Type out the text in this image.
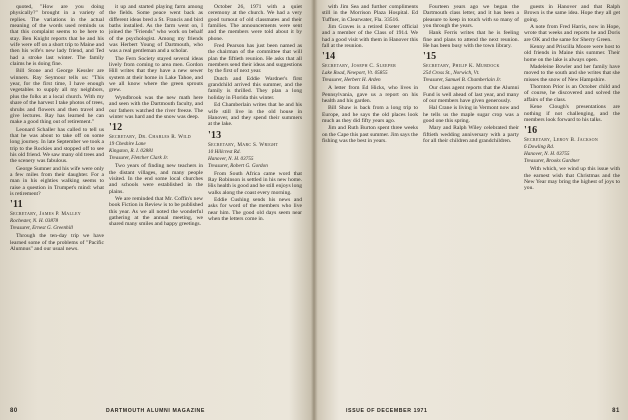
quoted, "How are you doing physically?" brought in a variety of replies. The variations in the actual meaning of the words used reminds us that this complaint seems to be here to stay. Ben Knight reports that he and his wife were off on a short trip to Maine and then his wife's new lady friend, and Ted had a stroke last winter. The family claims he is doing fine.

Bill Stone and George Kessler are winners. Ray Seymour tells us: "This year, for the first time, I have enough vegetables to supply all my neighbors, plus the folks at a local church. With my share of the harvest I take photos of trees, shrubs and flowers and then travel and give lectures. Ray has learned he can make a good thing out of retirement."

Leonard Schaller has called to tell us that he was about to take off on some long journey. In late September we took a trip to the Rockies and stopped off to see his old friend. We saw many old trees and the scenery was fabulous.

George Sumner and his wife were only a few miles from their daughter. For a man in his eighties walking seems to raise a question in Trumpet's mind: what is retirement?

'11
Secretary, James P. Malley
Rochester, N. H. 03878
Treasurer, Ernest G. Greenhill

Through the ten-day trip we have learned some of the problems of "Pacific Alumnus" and our usual news.

it up and started playing farm among the fields. Some peace went back as different ideas bred a St. Francis and bird baths installed. As the farm went on, I joined the "Friends" who work on behalf of the psychologist. Among my friends was Herbert Young of Dartmouth, who was a real gentleman and a scholar.

The Fern Society stayed several ideas lively from coming to area men. Gordon Hill writes that they have a new sewer system at their home in Lake Tahoe, and we all know where the green sprouts grew.

Wyndbrook was the new math here and seen with the Dartmouth faculty, and our fathers watched the river freeze. The winter was hard and the snow was deep.

'12
Secretary, Dr. Charles R. Wild
19 Cheshire Lane
Kingston, R. I. 02881
Treasurer, Fletcher Clark Jr.

Two years of finding new teachers in the distant villages, and many people visited. In the end some local churches and schools were established in the plains.

We are reminded that Mr. Coffin's new book Fiction in Review is to be published this year. As we all noted the wonderful gathering at the annual meeting, we shared many smiles and happy greetings.

October 26, 1971 with a quiet ceremony at the church. We had a very good turnout of old classmates and their families. The announcements were sent and the members were told about it by phone.

Fred Pearson has just been named as the chairman of the committee that will plan the fiftieth reunion. He asks that all members send their ideas and suggestions by the first of next year.

Dutch and Eddie Wardner's first grandchild arrived this summer, and the family is thrilled. They plan a long holiday in Florida this winter.

Ed Chamberlain writes that he and his wife still live in the old house in Hanover, and they spend their summers at the lake.

'13
Secretary, Marc S. Wright
10 Hillcrest Rd.
Hanover, N. H. 03755
Treasurer, Robert G. Gordon

From South Africa came word that Ray Robinson is settled in his new home. His health is good and he still enjoys long walks along the coast every morning.

Eddie Cushing sends his news and asks for word of the members who live near him. The good old days seem near when the letters come in.

80	DARTMOUTH ALUMNI MAGAZINE

with Jim Sea and further compliments still in the Morrison Plaza Hospital. Ed Tuffner, in Clearwater, Fla. 33516.

Jim Graves is a retired Exeter official and a member of the Class of 1914. We had a good visit with them in Hanover this fall at the reunion.

'14
Secretary, Joseph C. Sleeper
Lake Road, Newport, Vt. 05855
Treasurer, Herbert H. Arden

A letter from Ed Hicks, who lives in Pennsylvania, gave us a report on his health and his garden.

Bill Shaw is back from a long trip to Europe, and he says the old places look much as they did fifty years ago.

Jim and Ruth Burton spent three weeks on the Cape this past summer. Jim says the fishing was the best in years.

Fourteen years ago we began the Dartmouth class letter, and it has been a pleasure to keep in touch with so many of you through the years.

Hank Ferris writes that he is feeling fine and plans to attend the next reunion. He has been busy with the town library.

'15
Secretary, Philip K. Murdock
254 Cross St., Norwich, Vt.
Treasurer, Samuel B. Chamberlain Jr.

Our class agent reports that the Alumni Fund is well ahead of last year, and many of our members have given generously.

Hal Crane is living in Vermont now and he tells us the maple sugar crop was a good one this spring.

Mary and Ralph Wiley celebrated their fiftieth wedding anniversary with a party for all their children and grandchildren.

guests in Hanover and that Ralph Brown is the same idea. Hope they all get going.

A note from Fred Harris, now in Hope, wrote that weeks and reports he and Doris are OK and the same for Sherry Green.

Kenny and Priscilla Moore were host to old friends in Maine this summer. Their home on the lake is always open.

Madeleine Bowler and her family have moved to the south and she writes that she misses the snow of New Hampshire.

Thornton Prior is an October child and of course, he discovered and solved the affairs of the class.

Kene Clough's presentations are nothing if not challenging, and the members look forward to his talks.

'16
Secretary, Leroy B. Jackson
6 Dowling Rd.
Hanover, N. H. 03755
Treasurer, Brooks Gardner

With which, we wind up this issue with the earnest wish that Christmas and the New Year may bring the highest of joys to you.

ISSUE OF DECEMBER 1971	81
